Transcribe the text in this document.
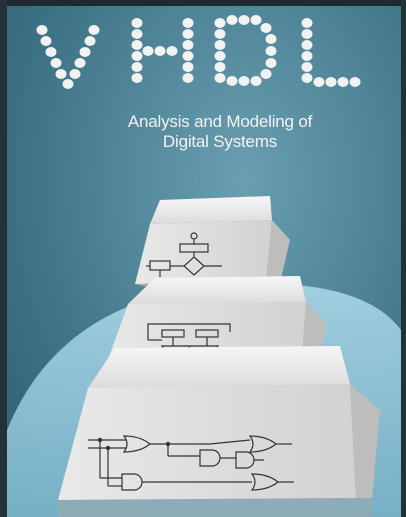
Analysis and Modeling of
Digital Systems
